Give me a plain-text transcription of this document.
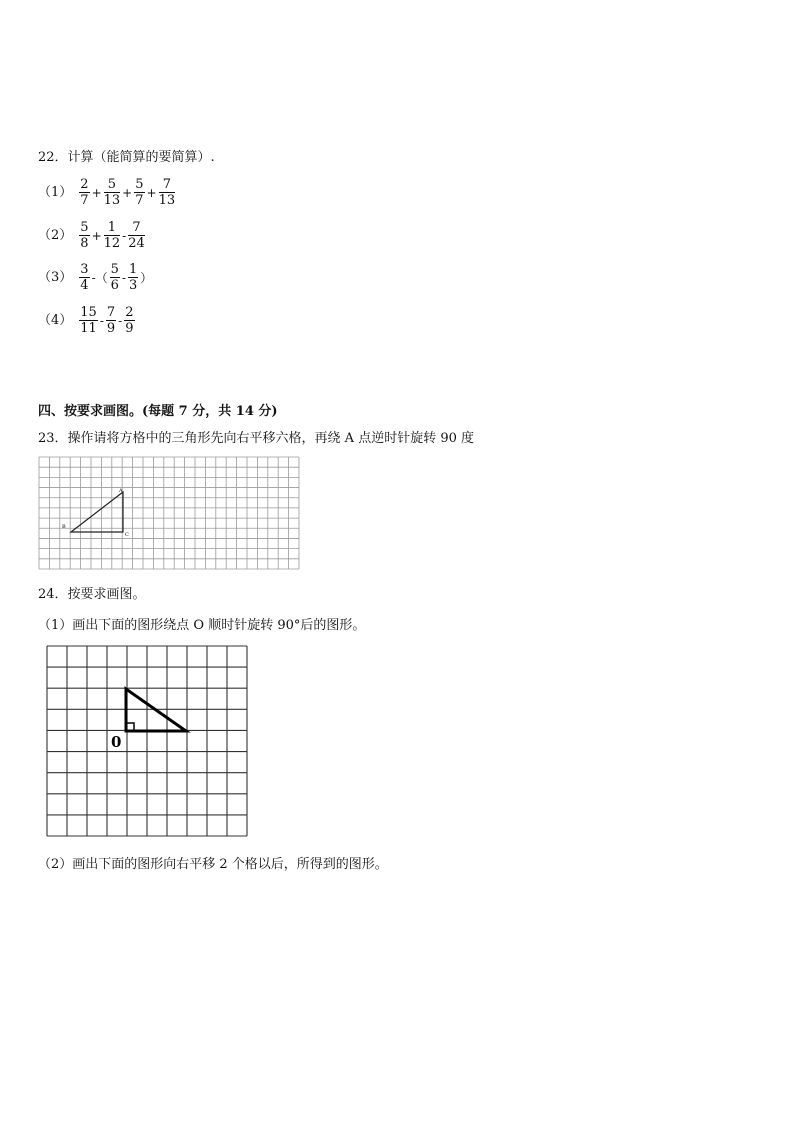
22．计算（能简算的要简算）.
$(1) \frac{2}{7} + \frac{5}{13} + \frac{5}{7} + \frac{7}{13}$
$(2) \frac{5}{8} + \frac{1}{12} - \frac{7}{24}$
$(3) \frac{3}{4}$ -（ $\frac{5}{6} - \frac{1}{3}$ ）
$(4) \frac{15}{11} - \frac{7}{9} - \frac{2}{9}$
四、按要求画图。(每题 7 分，共 14 分)
23．操作请将方格中的三角形先向右平移六格，再绕 A 点逆时针旋转 90 度
A
B
C
24．按要求画图。
（1）画出下面的图形绕点 O 顺时针旋转 90°后的图形。
0
（2）画出下面的图形向右平移 2 个格以后，所得到的图形。
